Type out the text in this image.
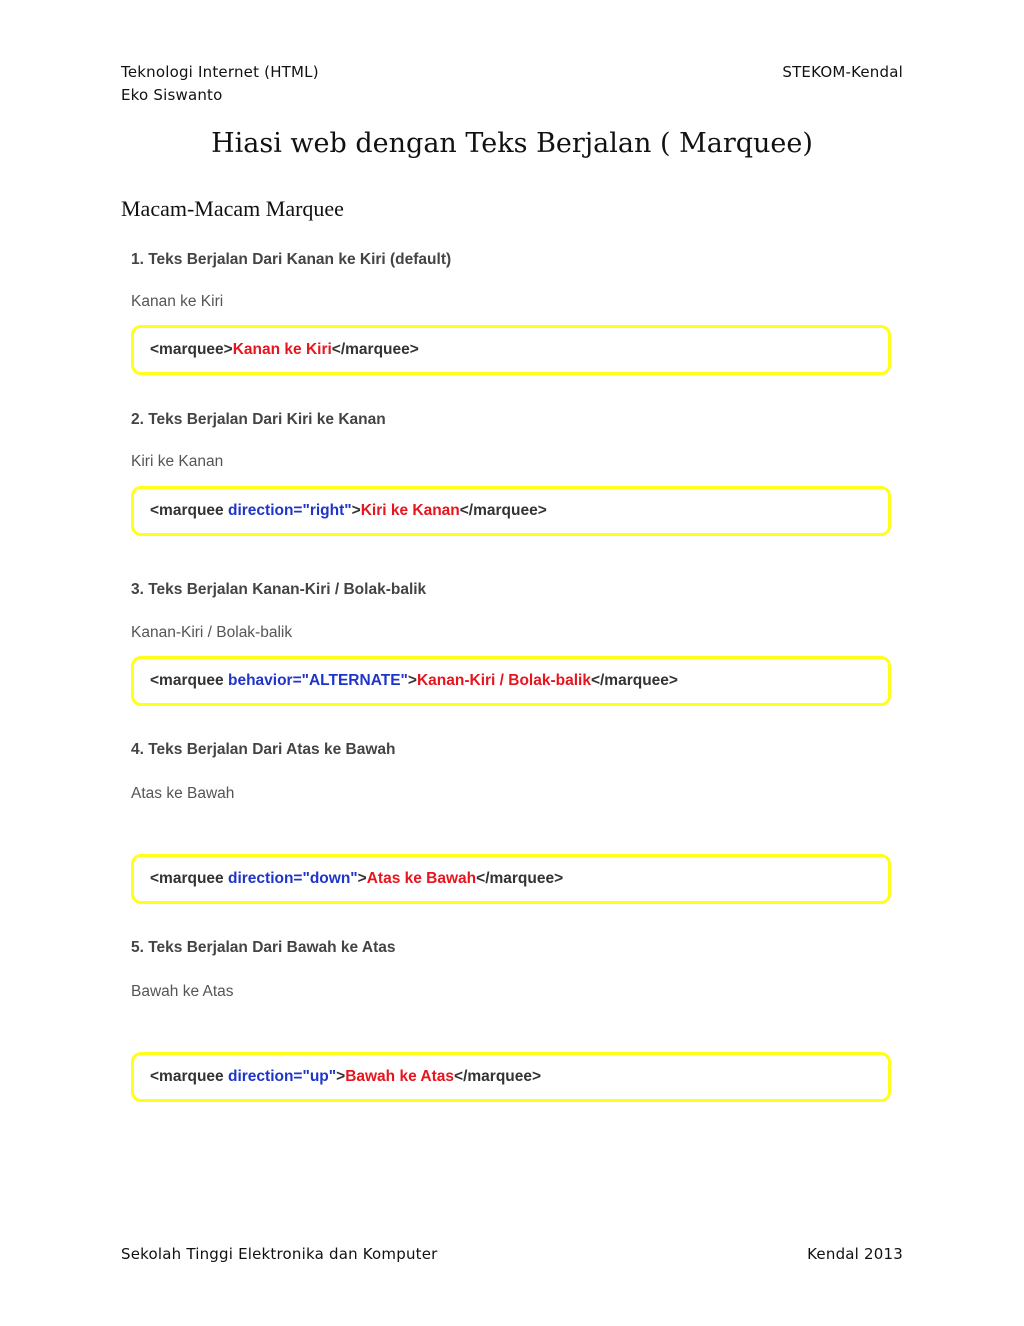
Teknologi Internet (HTML)
Eko Siswanto
STEKOM-Kendal
Hiasi web dengan Teks Berjalan ( Marquee)
Macam-Macam Marquee
1. Teks Berjalan Dari Kanan ke Kiri (default)
Kanan ke Kiri
<marquee>Kanan ke Kiri</marquee>
2. Teks Berjalan Dari Kiri ke Kanan
Kiri ke Kanan
<marquee direction="right">Kiri ke Kanan</marquee>
3. Teks Berjalan Kanan-Kiri / Bolak-balik
Kanan-Kiri / Bolak-balik
<marquee behavior="ALTERNATE">Kanan-Kiri / Bolak-balik</marquee>
4. Teks Berjalan Dari Atas ke Bawah
Atas ke Bawah
<marquee direction="down">Atas ke Bawah</marquee>
5. Teks Berjalan Dari Bawah ke Atas
Bawah ke Atas
<marquee direction="up">Bawah ke Atas</marquee>
Sekolah Tinggi Elektronika dan Komputer	Kendal 2013
